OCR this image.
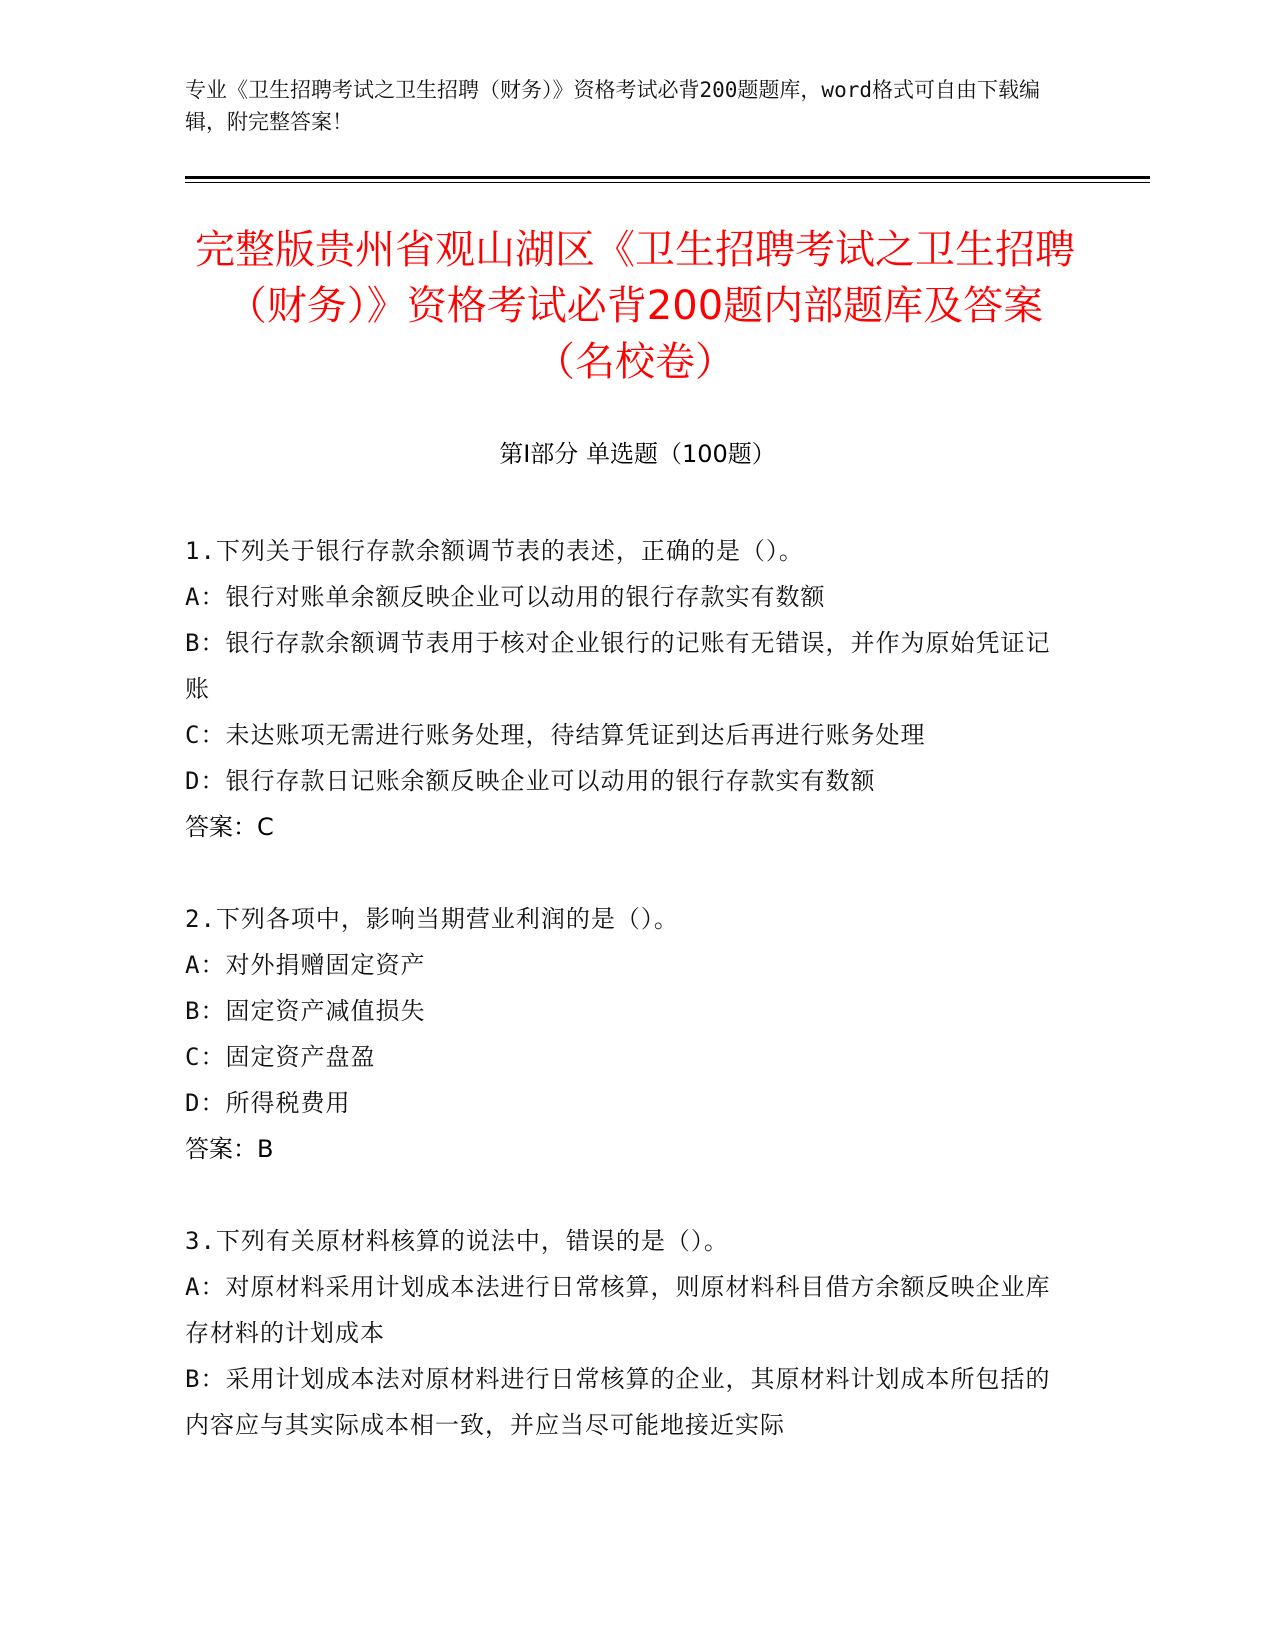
专业《卫生招聘考试之卫生招聘（财务）》资格考试必背200题题库，word格式可自由下载编辑，附完整答案！
完整版贵州省观山湖区《卫生招聘考试之卫生招聘（财务）》资格考试必背200题内部题库及答案（名校卷）
第Ⅰ部分 单选题（100题）
1.下列关于银行存款余额调节表的表述，正确的是（）。
A：银行对账单余额反映企业可以动用的银行存款实有数额
B：银行存款余额调节表用于核对企业银行的记账有无错误，并作为原始凭证记账
C：未达账项无需进行账务处理，待结算凭证到达后再进行账务处理
D：银行存款日记账余额反映企业可以动用的银行存款实有数额
答案：C
2.下列各项中，影响当期营业利润的是（）。
A：对外捐赠固定资产
B：固定资产减值损失
C：固定资产盘盈
D：所得税费用
答案：B
3.下列有关原材料核算的说法中，错误的是（）。
A：对原材料采用计划成本法进行日常核算，则原材料科目借方余额反映企业库存材料的计划成本
B：采用计划成本法对原材料进行日常核算的企业，其原材料计划成本所包括的内容应与其实际成本相一致，并应当尽可能地接近实际
